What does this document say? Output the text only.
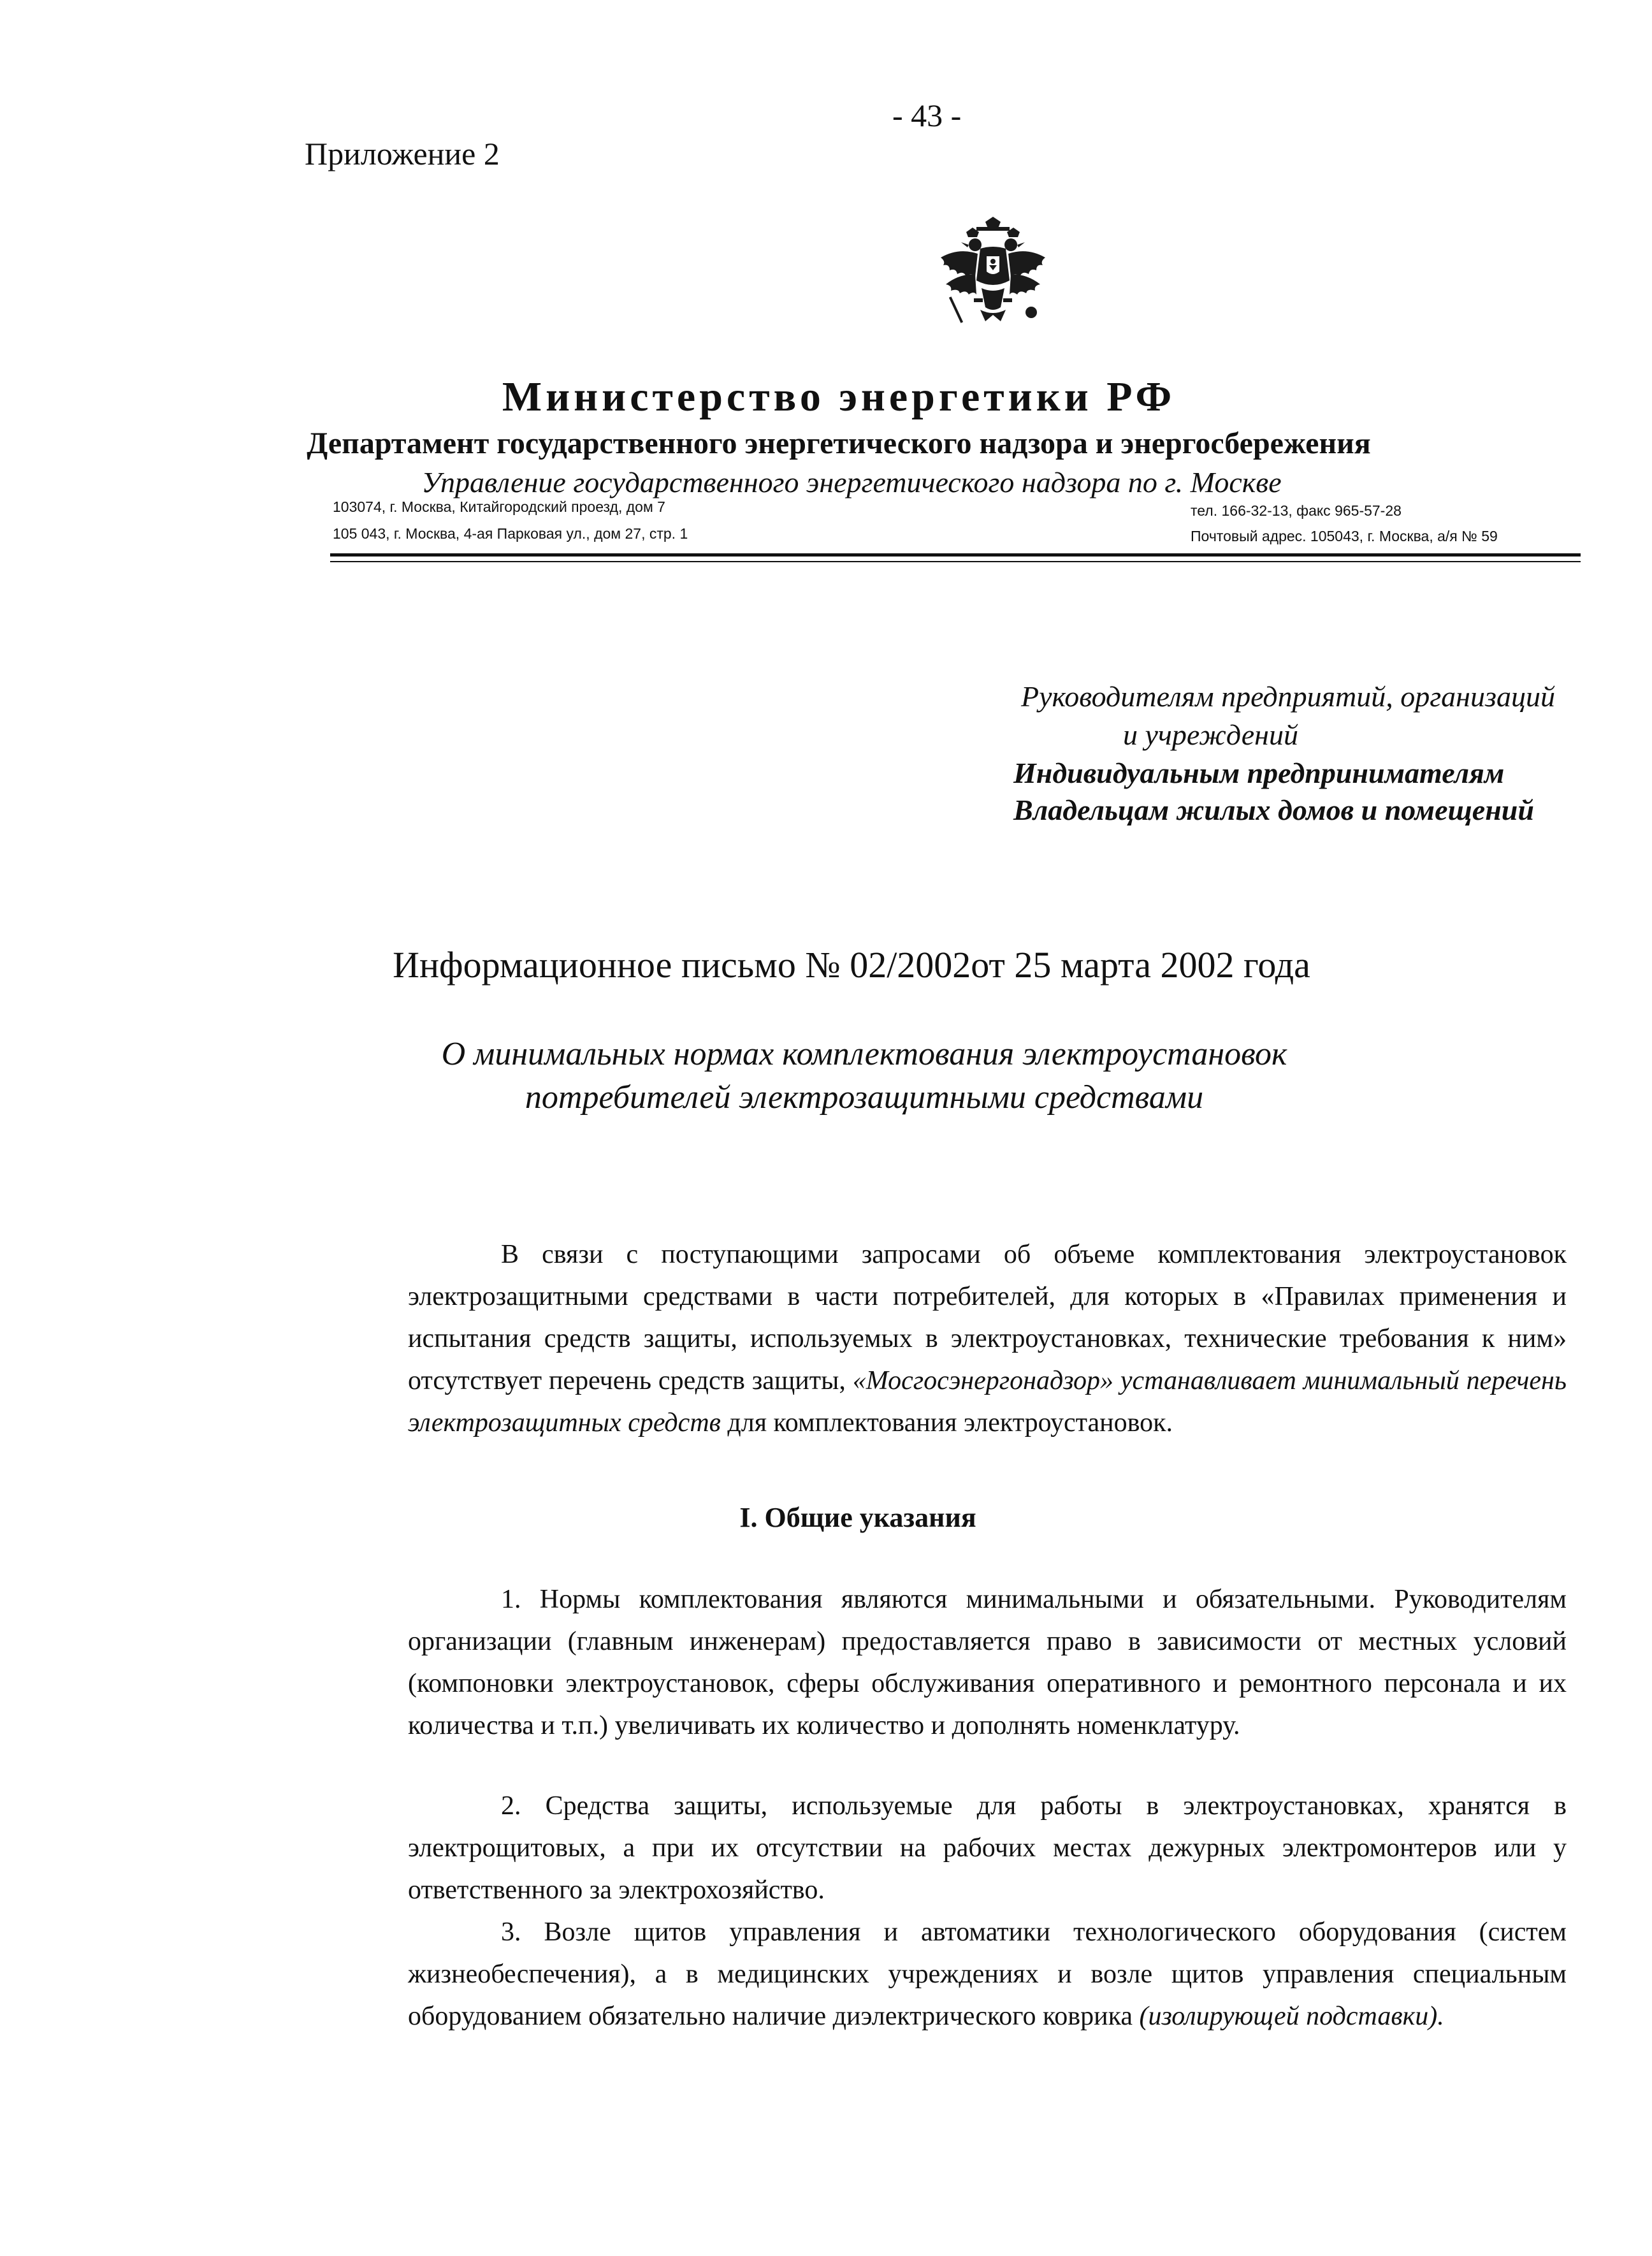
- 43 -
Приложение 2
Министерство энергетики РФ
Департамент государственного энергетического надзора и энергосбережения
Управление государственного энергетического надзора по г. Москве
103074, г. Москва, Китайгородский проезд, дом 7
105 043, г. Москва, 4-ая Парковая ул., дом 27, стр. 1
тел. 166-32-13, факс 965-57-28
Почтовый адрес. 105043, г. Москва, а/я № 59
Руководителям предприятий, организаций
и учреждений
Индивидуальным предпринимателям
Владельцам жилых домов и помещений
Информационное письмо № 02/2002от 25 марта 2002 года
О минимальных нормах комплектования электроустановок
потребителей электрозащитными средствами

В связи с поступающими запросами об объеме комплектования электроустановок электрозащитными средствами в части потребителей, для которых в «Правилах применения и испытания средств защиты, используемых в электроустановках, технические требования к ним» отсутствует перечень средств защиты, «Мосгосэнергонадзор» устанавливает минимальный перечень электрозащитных средств для комплектования электроустановок.

I. Общие указания

1. Нормы комплектования являются минимальными и обязательными. Руководителям организации (главным инженерам) предоставляется право в зависимости от местных условий (компоновки электроустановок, сферы обслуживания оперативного и ремонтного персонала и их количества и т.п.) увеличивать их количество и дополнять номенклатуру.

2. Средства защиты, используемые для работы в электроустановках, хранятся в электрощитовых, а при их отсутствии на рабочих местах дежурных электромонтеров или у ответственного за электрохозяйство.

3. Возле щитов управления и автоматики технологического оборудования (систем жизнеобеспечения), а в медицинских учреждениях и возле щитов управления специальным оборудованием обязательно наличие диэлектрического коврика (изолирующей подставки).
